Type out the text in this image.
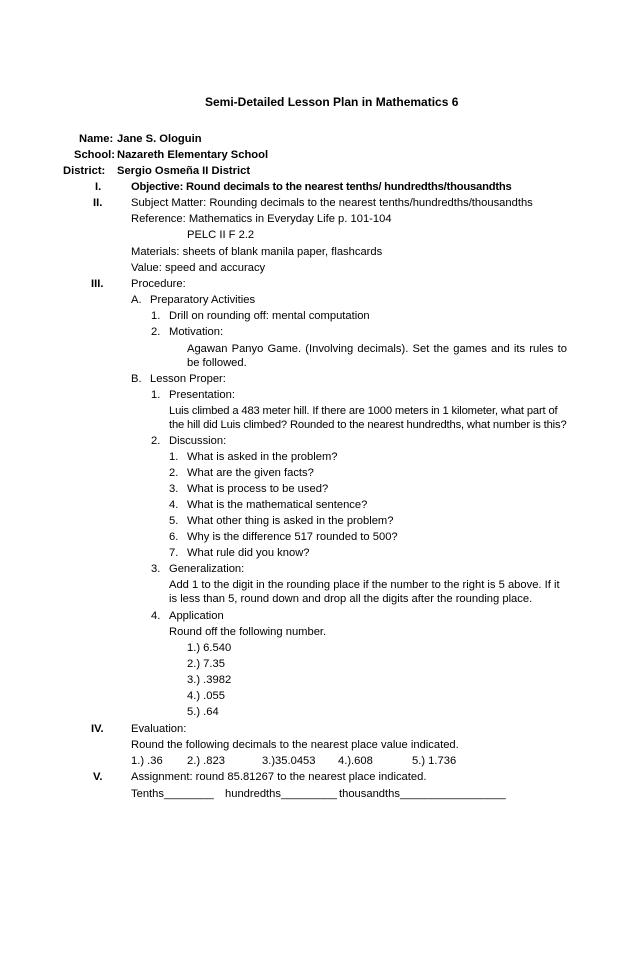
Semi-Detailed Lesson Plan in Mathematics 6
Name: Jane S. Ologuin
School: Nazareth Elementary School
District: Sergio Osmeña II District
I.	Objective: Round decimals to the nearest tenths/ hundredths/thousandths
II.	Subject Matter: Rounding decimals to the nearest tenths/hundredths/thousandths
Reference: Mathematics in Everyday Life p. 101-104
PELC II F 2.2
Materials: sheets of blank manila paper, flashcards
Value: speed and accuracy
III. Procedure:
A. Preparatory Activities
1. Drill on rounding off: mental computation
2. Motivation:
Agawan Panyo Game. (Involving decimals). Set the games and its rules to be followed.
B. Lesson Proper:
1. Presentation:
Luis climbed a 483 meter hill. If there are 1000 meters in 1 kilometer, what part of the hill did Luis climbed? Rounded to the nearest hundredths, what number is this?
2. Discussion:
1. What is asked in the problem?
2. What are the given facts?
3. What is process to be used?
4. What is the mathematical sentence?
5. What other thing is asked in the problem?
6. Why is the difference 517 rounded to 500?
7. What rule did you know?
3. Generalization:
Add 1 to the digit in the rounding place if the number to the right is 5 above. If it is less than 5, round down and drop all the digits after the rounding place.
4. Application
Round off the following number.
1.) 6.540
2.) 7.35
3.) .3982
4.) .055
5.) .64
IV. Evaluation:
Round the following decimals to the nearest place value indicated.
1.) .36 2.) .823	3.)35.0453 4.).608	5.) 1.736
V.	Assignment: round 85.81267 to the nearest place indicated.
Tenths________ hundredths_________ thousandths_________________
